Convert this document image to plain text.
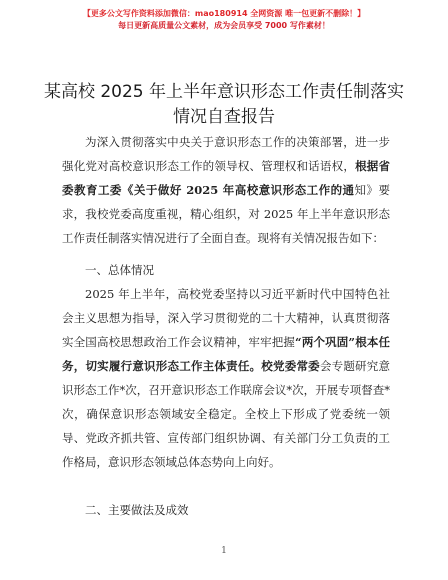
【更多公文写作资料添加微信：mao180914 全网资源 唯一包更新不删除！】
每日更新高质量公文素材，成为会员享受 7000 写作素材！
某高校 2025 年上半年意识形态工作责任制落实
情况自查报告

为深入贯彻落实中央关于意识形态工作的决策部署，进一步强化党对高校意识形态工作的领导权、管理权和话语权，根据省委教育工委《关于做好 2025 年高校意识形态工作的通知》要求，我校党委高度重视，精心组织，对 2025 年上半年意识形态工作责任制落实情况进行了全面自查。现将有关情况报告如下：

一、总体情况

2025 年上半年，高校党委坚持以习近平新时代中国特色社会主义思想为指导，深入学习贯彻党的二十大精神，认真贯彻落实全国高校思想政治工作会议精神，牢牢把握“两个巩固”根本任务，切实履行意识形态工作主体责任。校党委常委会专题研究意识形态工作*次，召开意识形态工作联席会议*次，开展专项督查*次，确保意识形态领域安全稳定。全校上下形成了党委统一领导、党政齐抓共管、宣传部门组织协调、有关部门分工负责的工作格局，意识形态领域总体态势向上向好。

二、主要做法及成效

1
